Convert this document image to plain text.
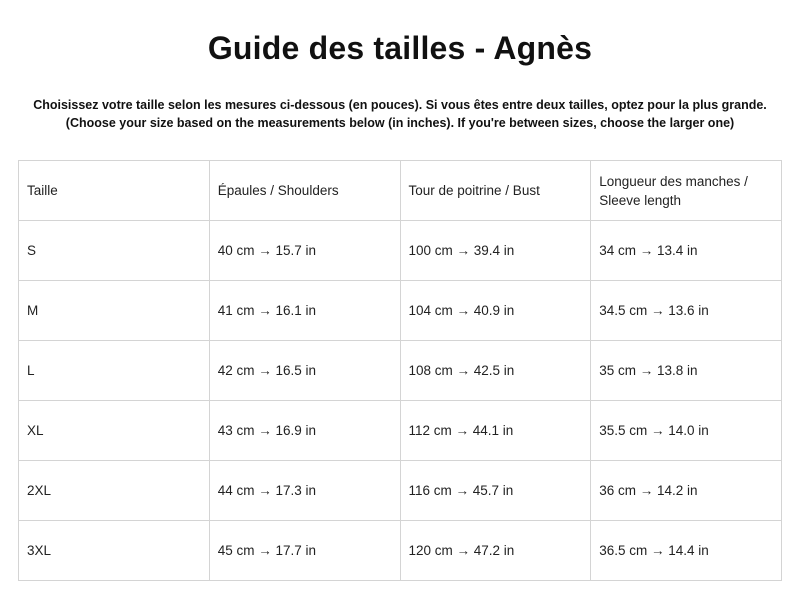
Guide des tailles - Agnès
Choisissez votre taille selon les mesures ci-dessous (en pouces). Si vous êtes entre deux tailles, optez pour la plus grande.
(Choose your size based on the measurements below (in inches). If you're between sizes, choose the larger one)
Taille	Épaules / Shoulders	Tour de poitrine / Bust	Longueur des manches / Sleeve length
S	40 cm → 15.7 in	100 cm → 39.4 in	34 cm → 13.4 in
M	41 cm → 16.1 in	104 cm → 40.9 in	34.5 cm → 13.6 in
L	42 cm → 16.5 in	108 cm → 42.5 in	35 cm → 13.8 in
XL	43 cm → 16.9 in	112 cm → 44.1 in	35.5 cm → 14.0 in
2XL	44 cm → 17.3 in	116 cm → 45.7 in	36 cm → 14.2 in
3XL	45 cm → 17.7 in	120 cm → 47.2 in	36.5 cm → 14.4 in
